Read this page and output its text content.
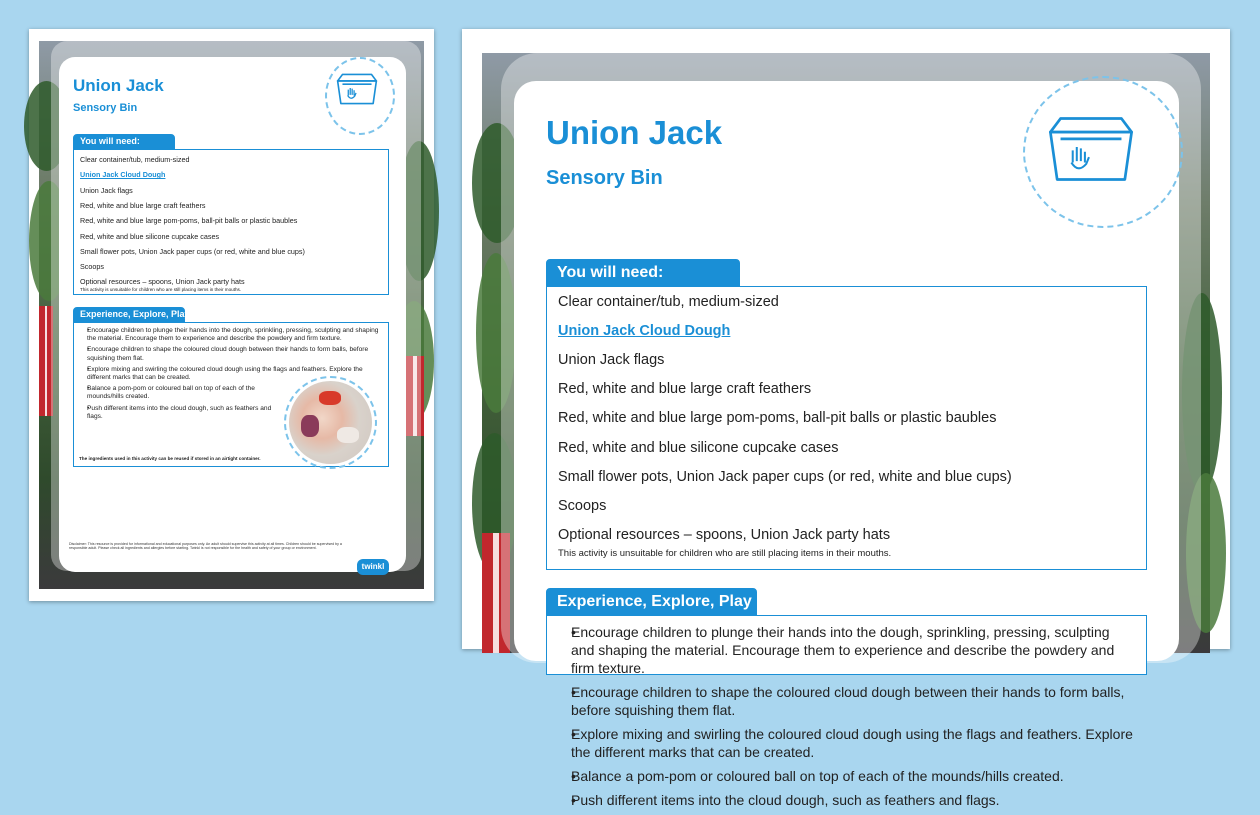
Union Jack
Sensory Bin
You will need:
Clear container/tub, medium-sized
Union Jack Cloud Dough
Union Jack flags
Red, white and blue large craft feathers
Red, white and blue large pom-poms, ball-pit balls or plastic baubles
Red, white and blue silicone cupcake cases
Small flower pots, Union Jack paper cups (or red, white and blue cups)
Scoops
Optional resources – spoons, Union Jack party hats
This activity is unsuitable for children who are still placing items in their mouths.
Experience, Explore, Play
• Encourage children to plunge their hands into the dough, sprinkling, pressing, sculpting and shaping the material. Encourage them to experience and describe the powdery and firm texture.
• Encourage children to shape the coloured cloud dough between their hands to form balls, before squishing them flat.
• Explore mixing and swirling the coloured cloud dough using the flags and feathers. Explore the different marks that can be created.
• Balance a pom-pom or coloured ball on top of each of the mounds/hills created.
• Push different items into the cloud dough, such as feathers and flags.
The ingredients used in this activity can be reused if stored in an airtight container.

Disclaimer: This resource is provided for informational and educational purposes only. An adult should supervise this activity at all times. Children should be supervised by a responsible adult. Please check all ingredients and allergies before starting. Twinkl is not responsible for the health and safety of your group or environment.

twinkl
Union Jack
Sensory Bin
You will need:
Clear container/tub, medium-sized
Union Jack Cloud Dough
Union Jack flags
Red, white and blue large craft feathers
Red, white and blue large pom-poms, ball-pit balls or plastic baubles
Red, white and blue silicone cupcake cases
Small flower pots, Union Jack paper cups (or red, white and blue cups)
Scoops
Optional resources – spoons, Union Jack party hats
This activity is unsuitable for children who are still placing items in their mouths.
Experience, Explore, Play
• Encourage children to plunge their hands into the dough, sprinkling, pressing, sculpting and shaping the material. Encourage them to experience and describe the powdery and firm texture.
• Encourage children to shape the coloured cloud dough between their hands to form balls, before squishing them flat.
• Explore mixing and swirling the coloured cloud dough using the flags and feathers. Explore the different marks that can be created.
• Balance a pom-pom or coloured ball on top of each of the mounds/hills created.
• Push different items into the cloud dough, such as feathers and flags.
